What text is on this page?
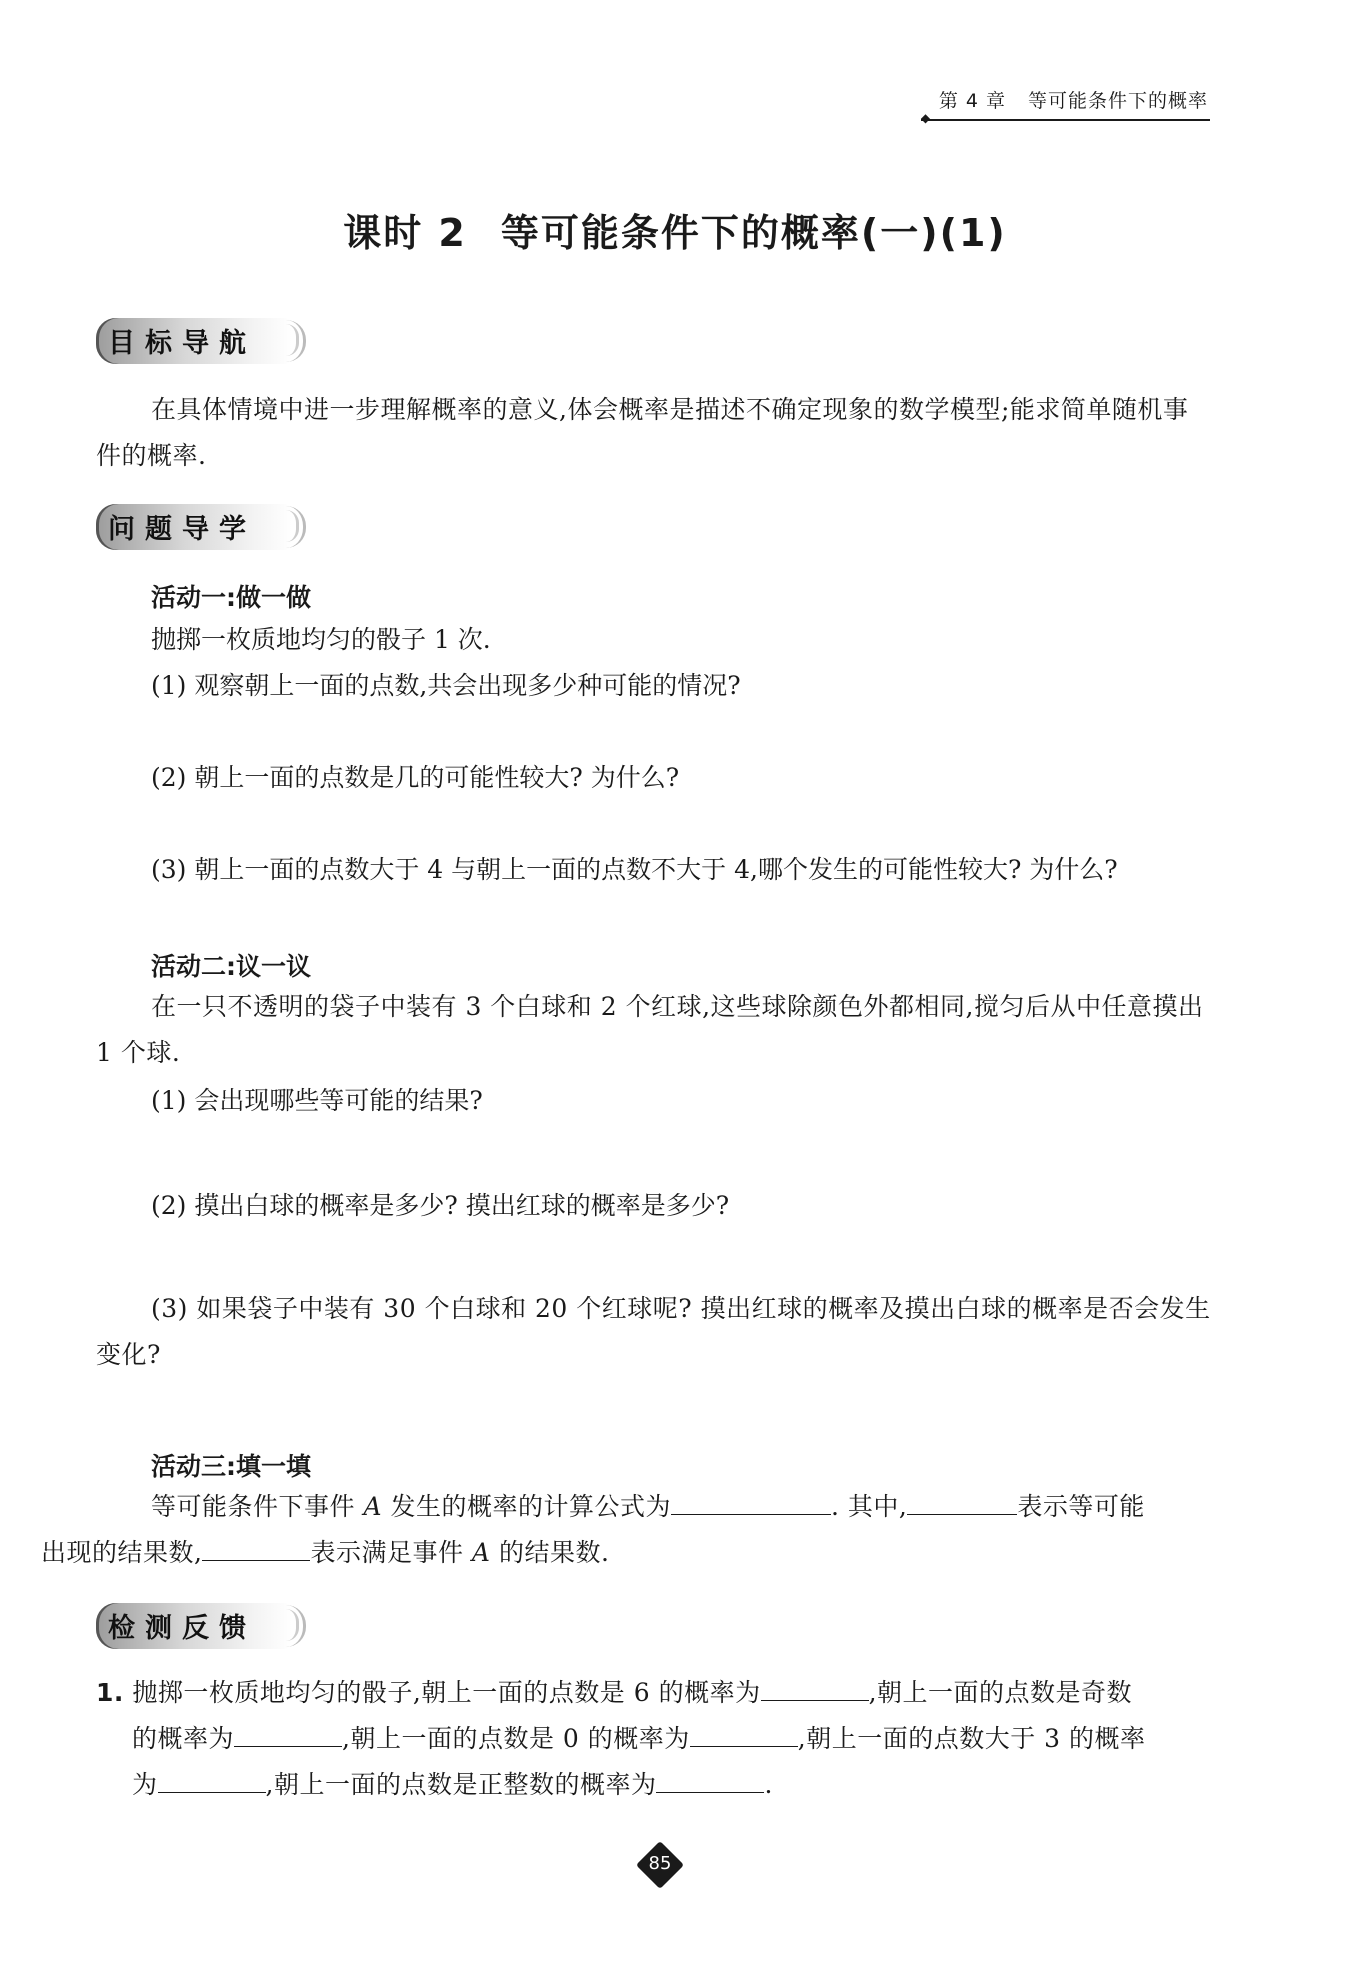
◆
第 4 章 等可能条件下的概率
课时 2 等可能条件下的概率(一)(1)
目标导航
在具体情境中进一步理解概率的意义,体会概率是描述不确定现象的数学模型;能求简单随机事件的概率.
问题导学
活动一:做一做
抛掷一枚质地均匀的骰子 1 次.
(1) 观察朝上一面的点数,共会出现多少种可能的情况?
(2) 朝上一面的点数是几的可能性较大? 为什么?
(3) 朝上一面的点数大于 4 与朝上一面的点数不大于 4,哪个发生的可能性较大? 为什么?
活动二:议一议
在一只不透明的袋子中装有 3 个白球和 2 个红球,这些球除颜色外都相同,搅匀后从中任意摸出 1 个球.
(1) 会出现哪些等可能的结果?
(2) 摸出白球的概率是多少? 摸出红球的概率是多少?
(3) 如果袋子中装有 30 个白球和 20 个红球呢? 摸出红球的概率及摸出白球的概率是否会发生变化?
活动三:填一填
等可能条件下事件 A 发生的概率的计算公式为	. 其中,	表示等可能
出现的结果数,	表示满足事件 A 的结果数.
检测反馈
1. 抛掷一枚质地均匀的骰子,朝上一面的点数是 6 的概率为	,朝上一面的点数是奇数
的概率为	,朝上一面的点数是 0 的概率为	,朝上一面的点数大于 3 的概率
为	,朝上一面的点数是正整数的概率为	.
85
